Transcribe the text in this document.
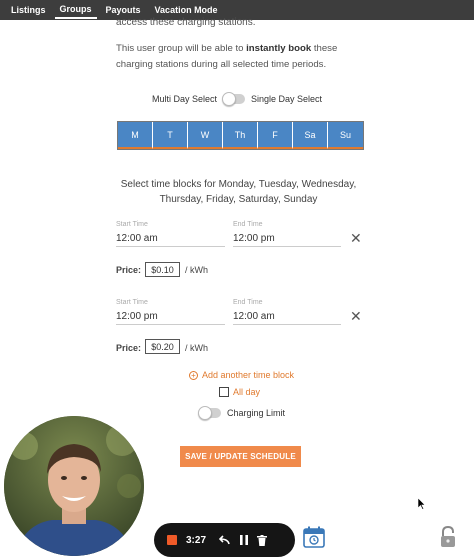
Listings	Groups	Payouts	Vacation Mode
access these charging stations.
This user group will be able to instantly book these charging stations during all selected time periods.
Multi Day Select	Single Day Select
M	T	W	Th	F	Sa	Su
Select time blocks for Monday, Tuesday, Wednesday, Thursday, Friday, Saturday, Sunday
Start Time
12:00 am
End Time
12:00 pm	✕
Price:	$0.10	/ kWh
Start Time
12:00 pm
End Time
12:00 am	✕
Price:	$0.20	/ kWh
+ Add another time block
All day
Charging Limit
SAVE / UPDATE SCHEDULE
3:27
